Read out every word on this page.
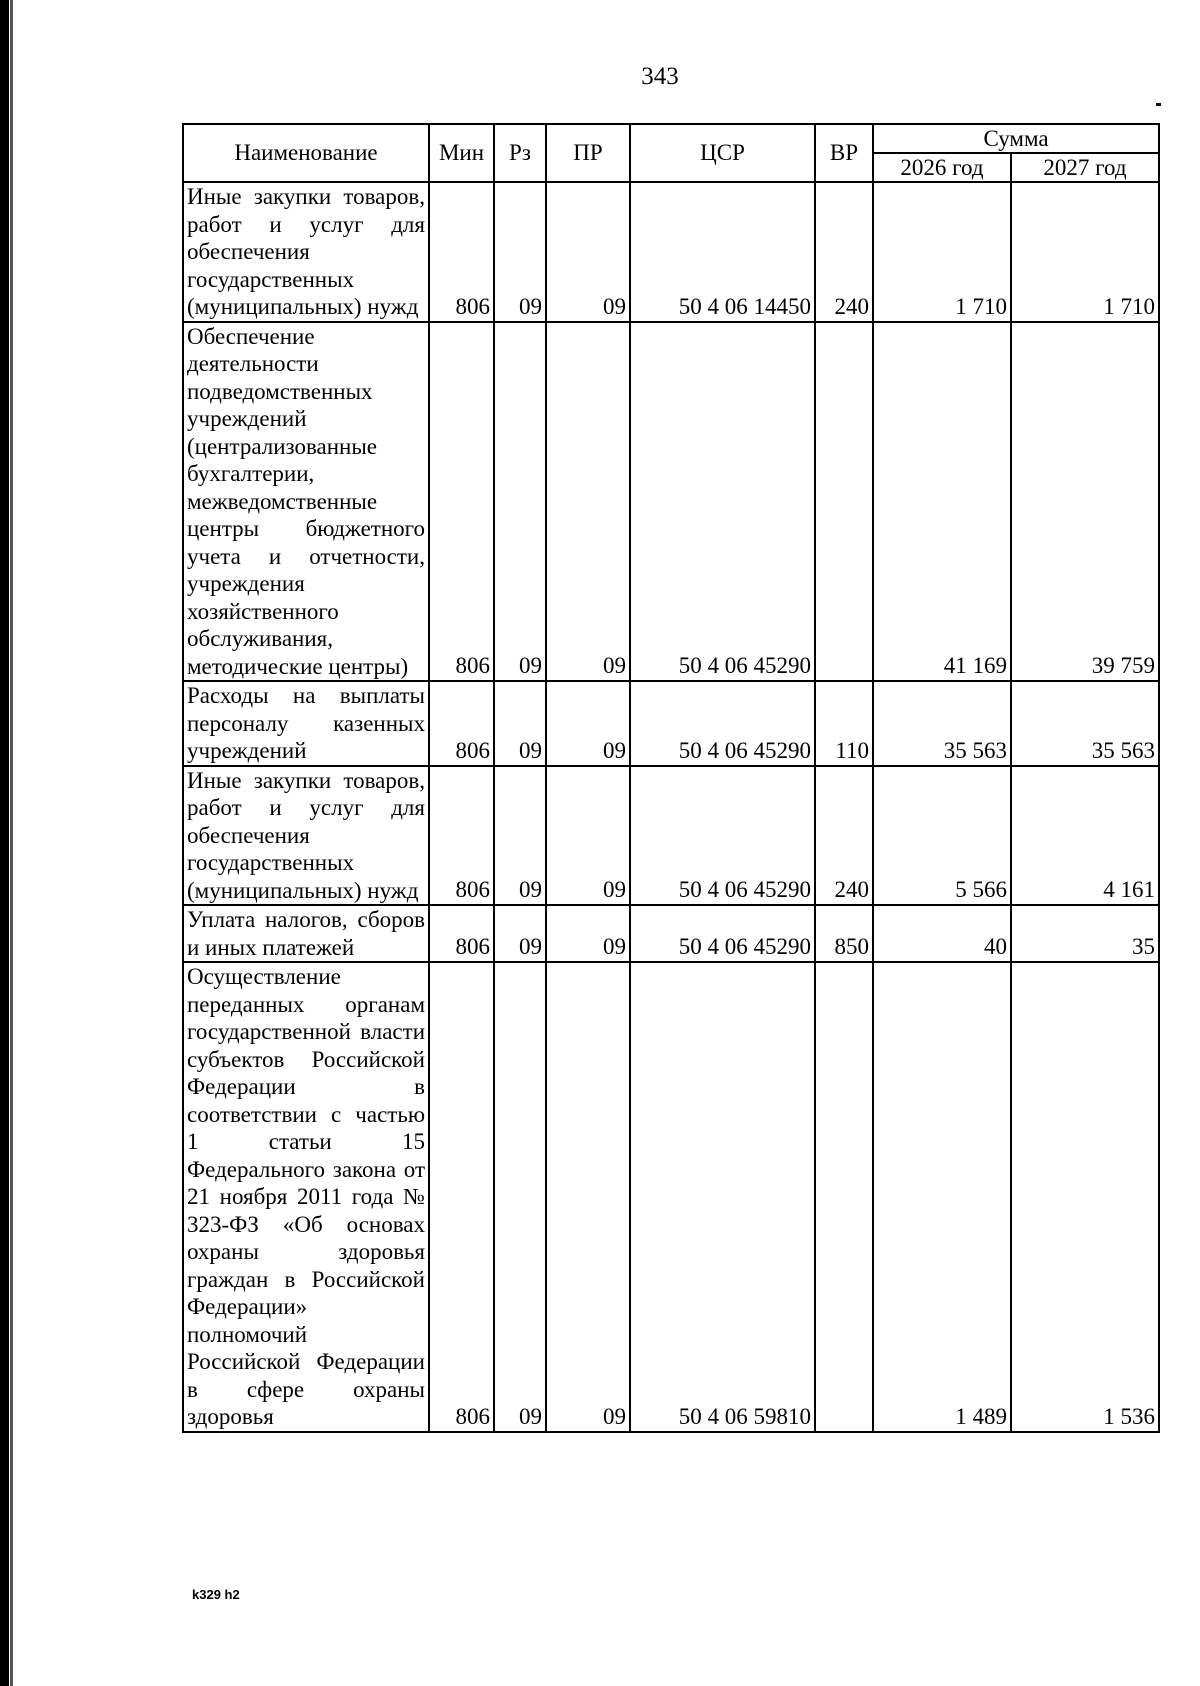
343
Наименование	Мин	Рз	ПР	ЦСР	ВР	Сумма	
						2026 год	2027 год
Иные закупки товаров, работ и услуг для обеспечения государственных (муниципальных) нужд	806	09	09	50 4 06 14450	240	1 710	1 710
Обеспечение деятельности подведомственных учреждений (централизованные бухгалтерии, межведомственные центры бюджетного учета и отчетности, учреждения хозяйственного обслуживания, методические центры)	806	09	09	50 4 06 45290		41 169	39 759
Расходы на выплаты персоналу казенных учреждений	806	09	09	50 4 06 45290	110	35 563	35 563
Иные закупки товаров, работ и услуг для обеспечения государственных (муниципальных) нужд	806	09	09	50 4 06 45290	240	5 566	4 161
Уплата налогов, сборов и иных платежей	806	09	09	50 4 06 45290	850	40	35
Осуществление переданных органам государственной власти субъектов Российской Федерации в соответствии с частью 1 статьи 15 Федерального закона от 21 ноября 2011 года № 323-ФЗ «Об основах охраны здоровья граждан в Российской Федерации» полномочий Российской Федерации в сфере охраны здоровья	806	09	09	50 4 06 59810		1 489	1 536
k329 h2
